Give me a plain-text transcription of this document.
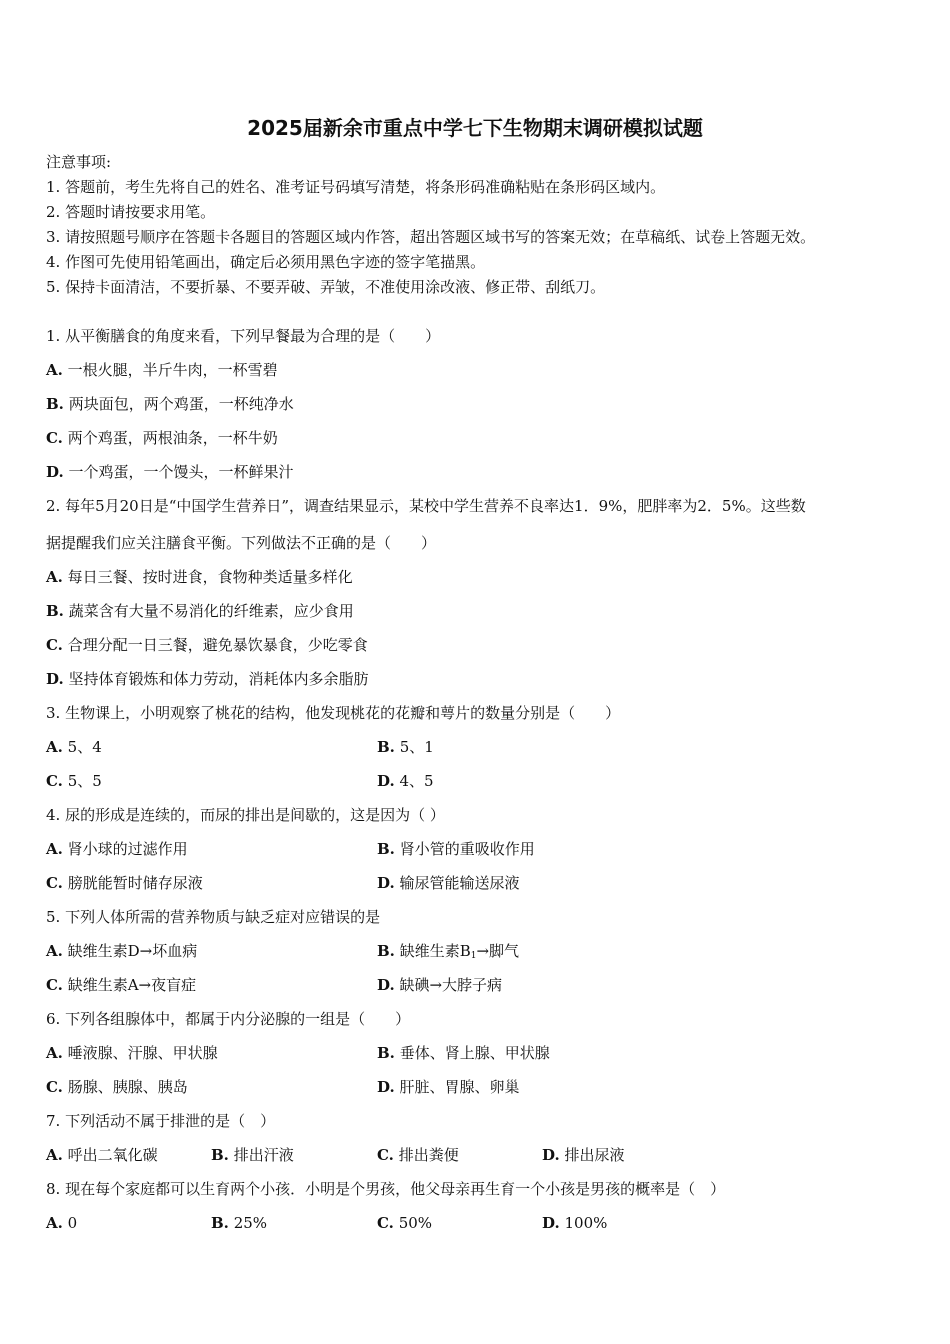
2025届新余市重点中学七下生物期末调研模拟试题
注意事项:
1. 答题前，考生先将自己的姓名、准考证号码填写清楚，将条形码准确粘贴在条形码区域内。
2. 答题时请按要求用笔。
3. 请按照题号顺序在答题卡各题目的答题区域内作答，超出答题区域书写的答案无效；在草稿纸、试卷上答题无效。
4. 作图可先使用铅笔画出，确定后必须用黑色字迹的签字笔描黑。
5. 保持卡面清洁，不要折暴、不要弄破、弄皱，不准使用涂改液、修正带、刮纸刀。
1. 从平衡膳食的角度来看，下列早餐最为合理的是（　　）
A. 一根火腿，半斤牛肉，一杯雪碧
B. 两块面包，两个鸡蛋，一杯纯净水
C. 两个鸡蛋，两根油条，一杯牛奶
D. 一个鸡蛋，一个馒头，一杯鲜果汁
2. 每年5月20日是“中国学生营养日”，调查结果显示，某校中学生营养不良率达1．9%，肥胖率为2．5%。这些数
据提醒我们应关注膳食平衡。下列做法不正确的是（　　）
A. 每日三餐、按时进食，食物种类适量多样化
B. 蔬菜含有大量不易消化的纤维素，应少食用
C. 合理分配一日三餐，避免暴饮暴食，少吃零食
D. 坚持体育锻炼和体力劳动，消耗体内多余脂肪
3. 生物课上，小明观察了桃花的结构，他发现桃花的花瓣和萼片的数量分别是（　　）
A. 5、4	B. 5、1
C. 5、5	D. 4、5
4. 尿的形成是连续的，而尿的排出是间歇的，这是因为（ ）
A. 肾小球的过滤作用	B. 肾小管的重吸收作用
C. 膀胱能暂时储存尿液	D. 输尿管能输送尿液
5. 下列人体所需的营养物质与缺乏症对应错误的是
A. 缺维生素D→坏血病	B. 缺维生素$B_1\to$脚气
C. 缺维生素A→夜盲症	D. 缺碘→大脖子病
6. 下列各组腺体中，都属于内分泌腺的一组是（　　）
A. 唾液腺、汗腺、甲状腺	B. 垂体、肾上腺、甲状腺
C. 肠腺、胰腺、胰岛	D. 肝脏、胃腺、卵巢
7. 下列活动不属于排泄的是（　）
A. 呼出二氧化碳	B. 排出汗液	C. 排出粪便	D. 排出尿液
8. 现在每个家庭都可以生育两个小孩．小明是个男孩，他父母亲再生育一个小孩是男孩的概率是（　）
A. 0	B. 25%	C. 50%	D. 100%
